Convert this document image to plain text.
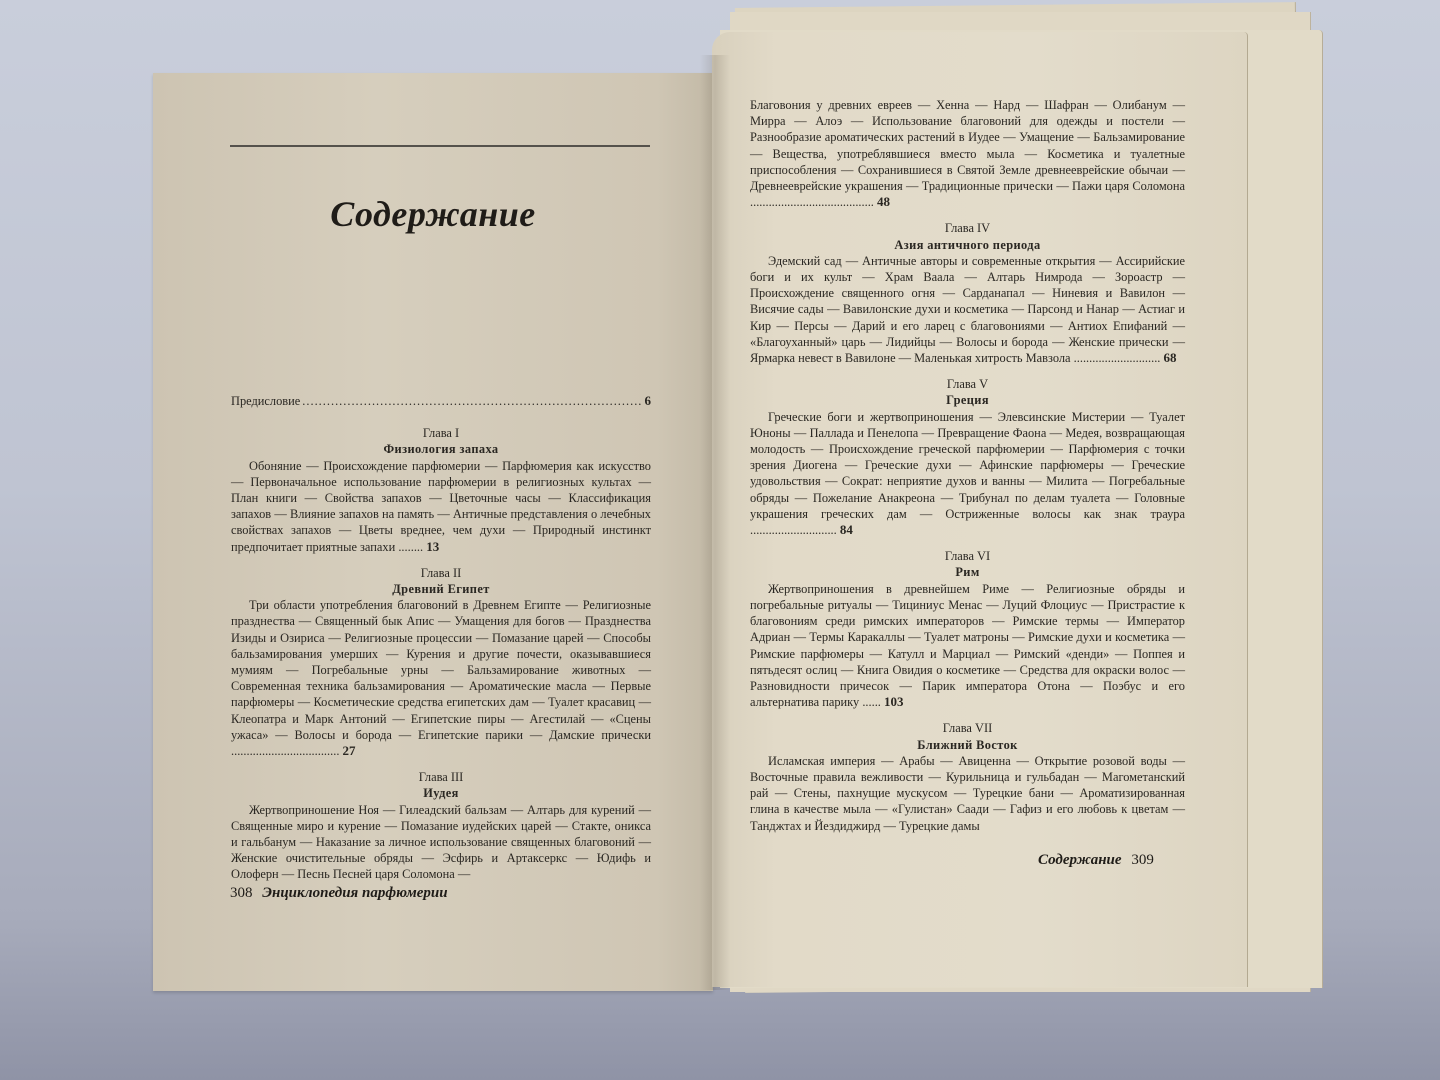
Содержание
Предисловие .....	6
Глава I
Физиология запаха
Обоняние — Происхождение парфюмерии — Парфюмерия как искусство — Первоначальное использование парфюмерии в религиозных культах — План книги — Свойства запахов — Цветочные часы — Классификация запахов — Влияние запахов на память — Античные представления о лечебных свойствах запахов — Цветы вреднее, чем духи — Природный инстинкт предпочитает приятные запахи ........ 13
Глава II
Древний Египет
Три области употребления благовоний в Древнем Египте — Религиозные празднества — Священный бык Апис — Умащения для богов — Празднества Изиды и Озириса — Религиозные процессии — Помазание царей — Способы бальзамирования умерших — Курения и другие почести, оказывавшиеся мумиям — Погребальные урны — Бальзамирование животных — Современная техника бальзамирования — Ароматические масла — Первые парфюмеры — Косметические средства египетских дам — Туалет красавиц — Клеопатра и Марк Антоний — Египетские пиры — Агестилай — «Сцены ужаса» — Волосы и борода — Египетские парики — Дамские прически ................................... 27
Глава III
Иудея
Жертвоприношение Ноя — Гилеадский бальзам — Алтарь для курений — Священные миро и курение — Помазание иудейских царей — Стакте, оникса и гальбанум — Наказание за личное использование священных благовоний — Женские очистительные обряды — Эсфирь и Артаксеркс — Юдифь и Олоферн — Песнь Песней царя Соломона —
308 Энциклопедия парфюмерии
Благовония у древних евреев — Хенна — Нард — Шафран — Олибанум — Мирра — Алоэ — Использование благовоний для одежды и постели — Разнообразие ароматических растений в Иудее — Умащение — Бальзамирование — Вещества, употреблявшиеся вместо мыла — Косметика и туалетные приспособления — Сохранившиеся в Святой Земле древнееврейские обычаи — Древнееврейские украшения — Традиционные прически — Пажи царя Соломона ........................................ 48
Глава IV
Азия античного периода
Эдемский сад — Античные авторы и современные открытия — Ассирийские боги и их культ — Храм Ваала — Алтарь Нимрода — Зороастр — Происхождение священного огня — Сарданапал — Ниневия и Вавилон — Висячие сады — Вавилонские духи и косметика — Парсонд и Нанар — Астиаг и Кир — Персы — Дарий и его ларец с благовониями — Антиох Епифаний — «Благоуханный» царь — Лидийцы — Волосы и борода — Женские прически — Ярмарка невест в Вавилоне — Маленькая хитрость Мавзола ............................ 68
Глава V
Греция
Греческие боги и жертвоприношения — Элевсинские Мистерии — Туалет Юноны — Паллада и Пенелопа — Превращение Фаона — Медея, возвращающая молодость — Происхождение греческой парфюмерии — Парфюмерия с точки зрения Диогена — Греческие духи — Афинские парфюмеры — Греческие удовольствия — Сократ: неприятие духов и ванны — Милита — Погребальные обряды — Пожелание Анакреона — Трибунал по делам туалета — Головные украшения греческих дам — Остриженные волосы как знак траура ............................ 84
Глава VI
Рим
Жертвоприношения в древнейшем Риме — Религиозные обряды и погребальные ритуалы — Тициниус Менас — Луций Флоциус — Пристрастие к благовониям среди римских императоров — Римские термы — Император Адриан — Термы Каракаллы — Туалет матроны — Римские духи и косметика — Римские парфюмеры — Катулл и Марциал — Римский «денди» — Поппея и пятьдесят ослиц — Книга Овидия о косметике — Средства для окраски волос — Разновидности причесок — Парик императора Отона — Поэбус и его альтернатива парику ...... 103
Глава VII
Ближний Восток
Исламская империя — Арабы — Авиценна — Открытие розовой воды — Восточные правила вежливости — Курильница и гульбадан — Магометанский рай — Стены, пахнущие мускусом — Турецкие бани — Ароматизированная глина в качестве мыла — «Гулистан» Саади — Гафиз и его любовь к цветам — Танджтах и Йездиджирд — Турецкие дамы
Содержание 309
